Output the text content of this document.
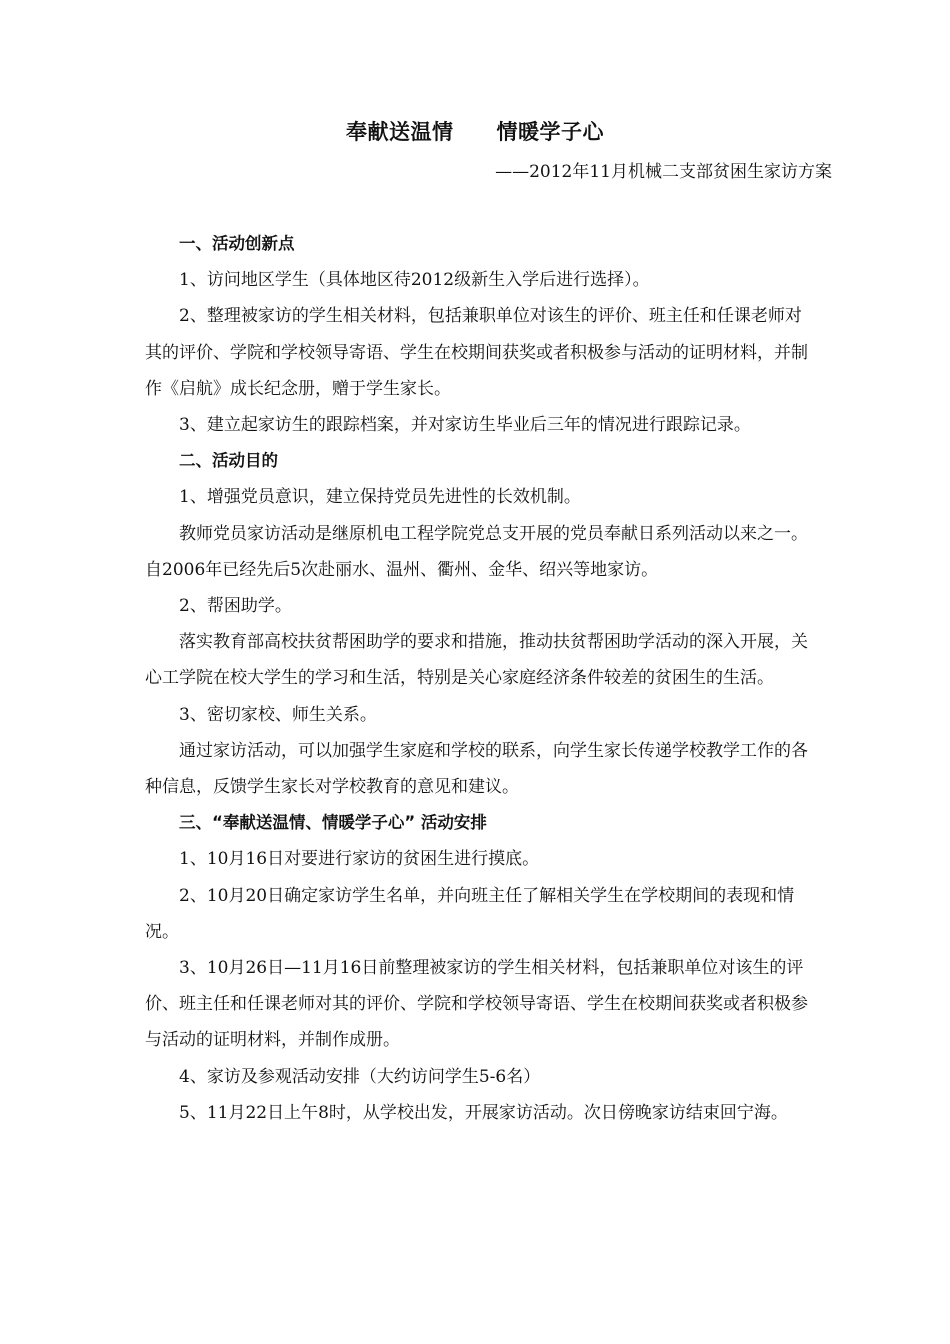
奉献送温情　　情暖学子心
——2012年11月机械二支部贫困生家访方案

一、活动创新点

1、访问地区学生（具体地区待2012级新生入学后进行选择）。

2、整理被家访的学生相关材料，包括兼职单位对该生的评价、班主任和任课老师对其的评价、学院和学校领导寄语、学生在校期间获奖或者积极参与活动的证明材料，并制作《启航》成长纪念册，赠于学生家长。

3、建立起家访生的跟踪档案，并对家访生毕业后三年的情况进行跟踪记录。

二、活动目的

1、增强党员意识，建立保持党员先进性的长效机制。

教师党员家访活动是继原机电工程学院党总支开展的党员奉献日系列活动以来之一。自2006年已经先后5次赴丽水、温州、衢州、金华、绍兴等地家访。

2、帮困助学。

落实教育部高校扶贫帮困助学的要求和措施，推动扶贫帮困助学活动的深入开展，关心工学院在校大学生的学习和生活，特别是关心家庭经济条件较差的贫困生的生活。

3、密切家校、师生关系。

通过家访活动，可以加强学生家庭和学校的联系，向学生家长传递学校教学工作的各种信息，反馈学生家长对学校教育的意见和建议。

三、“奉献送温情、情暖学子心” 活动安排

1、10月16日对要进行家访的贫困生进行摸底。

2、10月20日确定家访学生名单，并向班主任了解相关学生在学校期间的表现和情况。

3、10月26日—11月16日前整理被家访的学生相关材料，包括兼职单位对该生的评价、班主任和任课老师对其的评价、学院和学校领导寄语、学生在校期间获奖或者积极参与活动的证明材料，并制作成册。

4、家访及参观活动安排（大约访问学生5-6名）

5、11月22日上午8时，从学校出发，开展家访活动。次日傍晚家访结束回宁海。
